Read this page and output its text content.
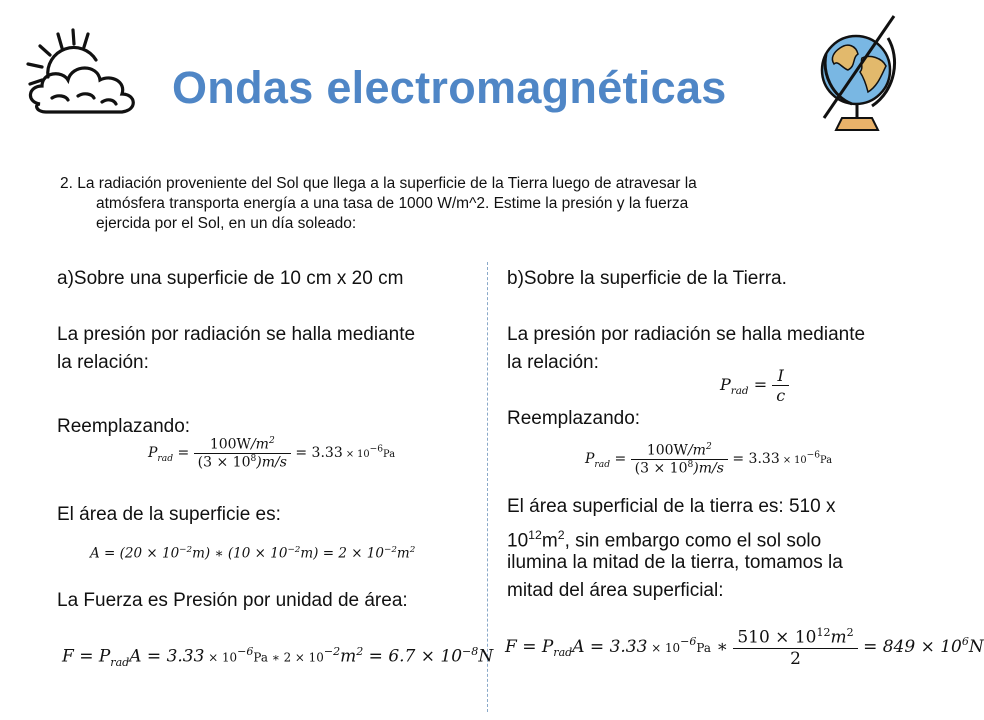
Ondas electromagnéticas
2. La radiación proveniente del Sol que llega a la superficie de la Tierra luego de atravesar la
atmósfera transporta energía a una tasa de 1000 W/m^2. Estime la presión y la fuerza
ejercida por el Sol, en un día soleado:
a)Sobre una superficie de 10 cm x 20 cm
La presión por radiación se halla mediante
la relación:
Reemplazando:
El área de la superficie es:
La Fuerza es Presión por unidad de área:
$P_{rad} = \frac{100W/m^2}{(3 \times 10^8)m/s} = 3.33 \times 10^{-6}Pa$
$A = (20 \times 10^{-2}m)$ ∗ $(10 \times 10^{-2}m) = 2 \times 10^{-2}m^2$
$F = P_{rad}A = 3.33 \times 10^{-6}Pa$ ∗ $2 \times 10^{-2}m^2 = 6.7 \times 10^{-8}N$
b)Sobre la superficie de la Tierra.
La presión por radiación se halla mediante
la relación:
Reemplazando:
El área superficial de la tierra es: 510 x
$10^{12}m^2$, sin embargo como el sol solo
ilumina la mitad de la tierra, tomamos la
mitad del área superficial:
$P_{rad} = \frac{I}{c}$
$P_{rad} = \frac{100W/m^2}{(3 \times 10^8)m/s} = 3.33 \times 10^{-6}Pa$
$F = P_{rad}A = 3.33 \times 10^{-6}Pa$ ∗ $\frac{510 \times 10^{12}m^2}{2} = 849 \times 10^6N$
